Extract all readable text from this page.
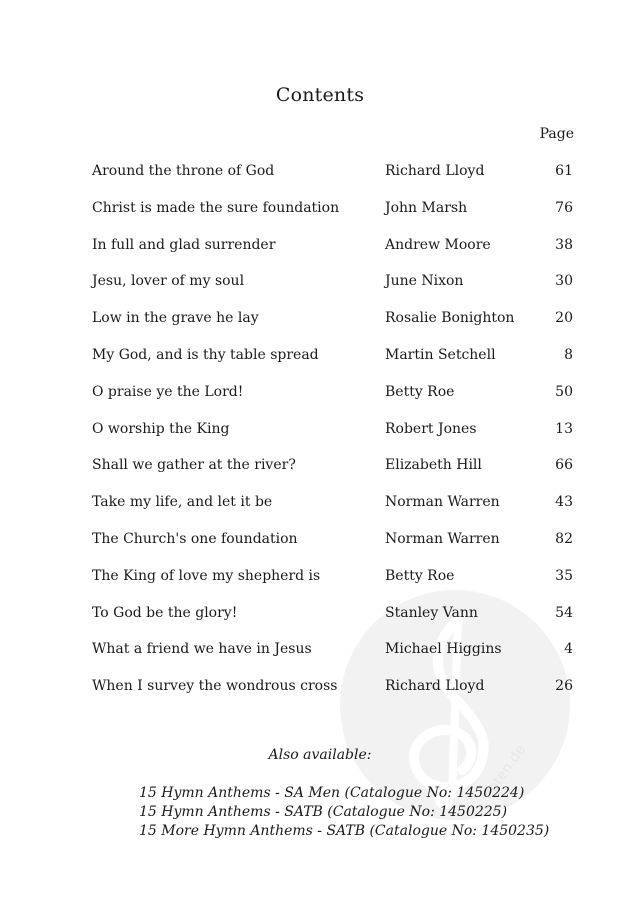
noten.de
Contents
Page
Around the throne of God	Richard Lloyd	61
Christ is made the sure foundation	John Marsh	76
In full and glad surrender	Andrew Moore	38
Jesu, lover of my soul	June Nixon	30
Low in the grave he lay	Rosalie Bonighton	20
My God, and is thy table spread	Martin Setchell	8
O praise ye the Lord!	Betty Roe	50
O worship the King	Robert Jones	13
Shall we gather at the river?	Elizabeth Hill	66
Take my life, and let it be	Norman Warren	43
The Church's one foundation	Norman Warren	82
The King of love my shepherd is	Betty Roe	35
To God be the glory!	Stanley Vann	54
What a friend we have in Jesus	Michael Higgins	4
When I survey the wondrous cross	Richard Lloyd	26
Also available:
15 Hymn Anthems - SA Men (Catalogue No: 1450224)
15 Hymn Anthems - SATB (Catalogue No: 1450225)
15 More Hymn Anthems - SATB (Catalogue No: 1450235)
